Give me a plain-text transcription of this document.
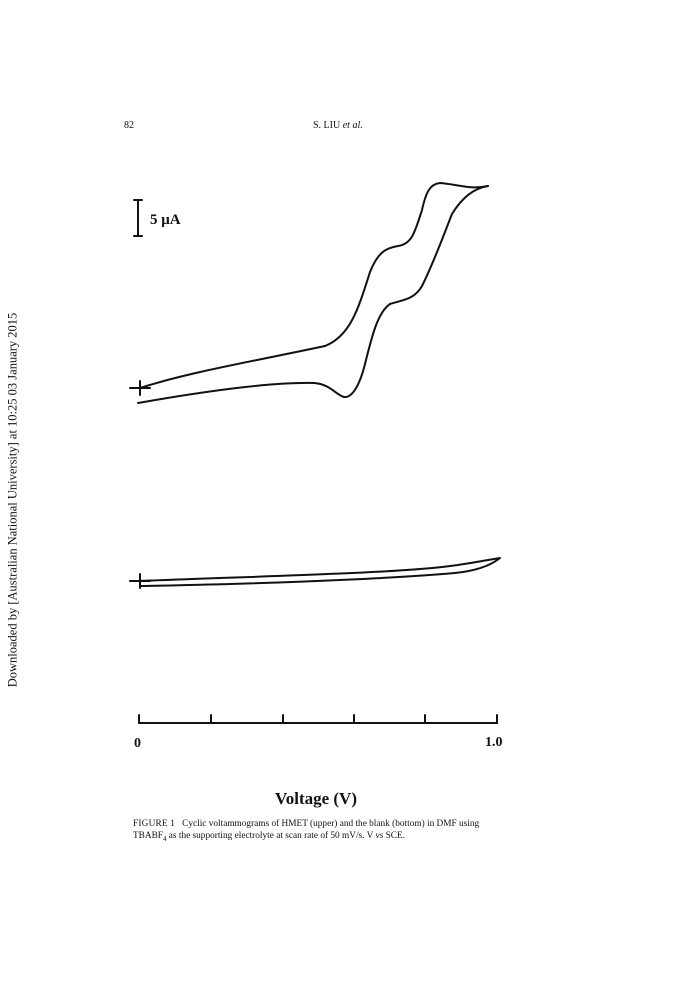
82	S. LIU et al.
Downloaded by [Australian National University] at 10:25 03 January 2015
5 μA
0	1.0
Voltage (V)
FIGURE 1 Cyclic voltammograms of HMET (upper) and the blank (bottom) in DMF using
$TBABF_4$ as the supporting electrolyte at scan rate of 50 mV/s. V vs SCE.
